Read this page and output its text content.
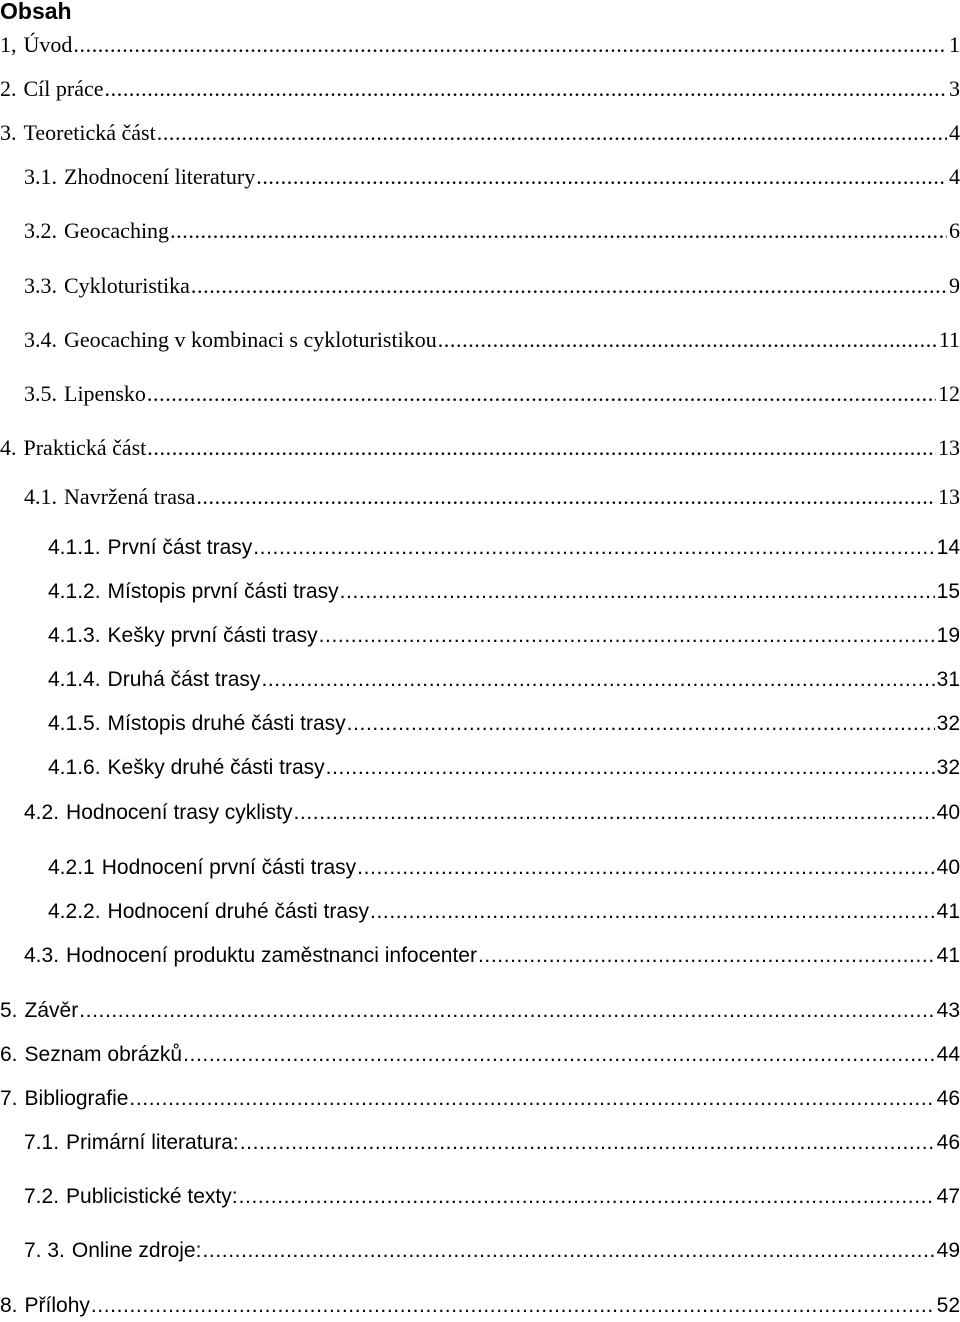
Obsah
1, Úvod .....	1
2. Cíl práce .....	3
3. Teoretická část .....	4
3.1. Zhodnocení literatury .....	4
3.2. Geocaching .....	6
3.3. Cykloturistika .....	9
3.4. Geocaching v kombinaci s cykloturistikou .....	11
3.5. Lipensko .....	12
4. Praktická část .....	13
4.1. Navržená trasa .....	13
4.1.1. První část trasy .....	14
4.1.2. Místopis první části trasy .....	15
4.1.3. Kešky první části trasy .....	19
4.1.4. Druhá část trasy .....	31
4.1.5. Místopis druhé části trasy .....	32
4.1.6. Kešky druhé části trasy .....	32
4.2. Hodnocení trasy cyklisty .....	40
4.2.1 Hodnocení první části trasy .....	40
4.2.2. Hodnocení druhé části trasy .....	41
4.3. Hodnocení produktu zaměstnanci infocenter .....	41
5. Závěr .....	43
6. Seznam obrázků .....	44
7. Bibliografie .....	46
7.1. Primární literatura: .....	46
7.2. Publicistické texty: .....	47
7. 3. Online zdroje: .....	49
8. Přílohy .....	52
